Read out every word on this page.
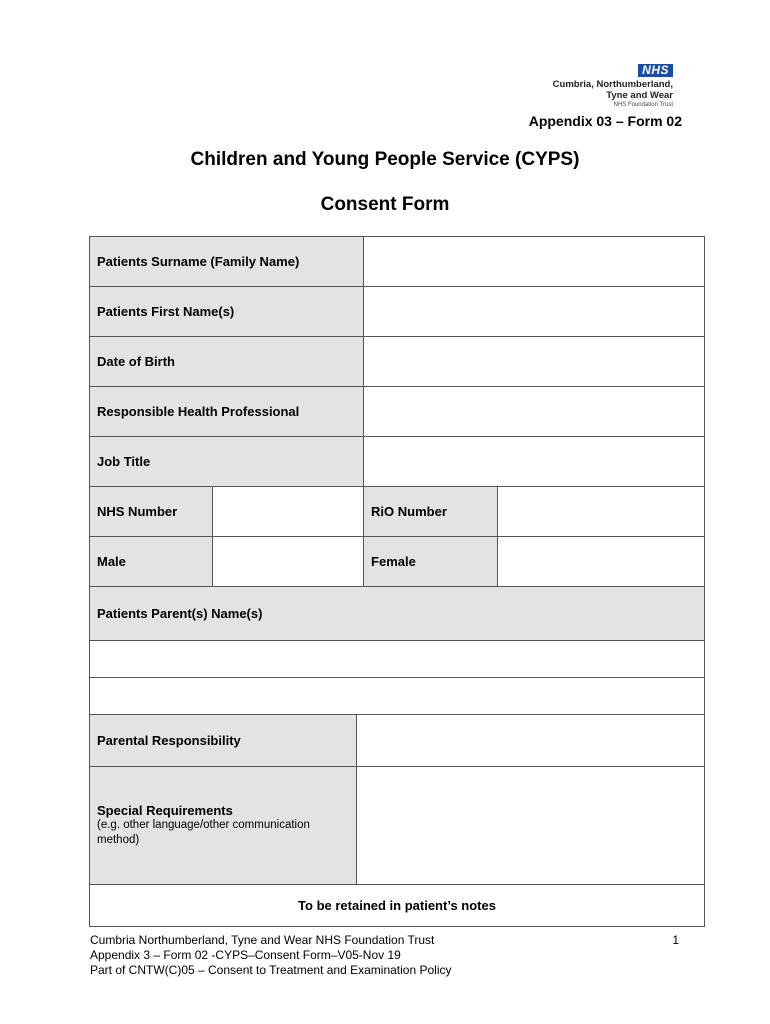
NHS
Cumbria, Northumberland,
Tyne and Wear
NHS Foundation Trust
Appendix 03 – Form 02
Children and Young People Service (CYPS)
Consent Form
Patients Surname (Family Name)				
Patients First Name(s)				
Date of Birth				
Responsible Health Professional				
Job Title				
NHS Number			RiO Number	
Male			Female	
Patients Parent(s) Name(s)				

Parental Responsibility				
Special Requirements
(e.g. other language/other communication method)				

To be retained in patient’s notes				
Cumbria Northumberland, Tyne and Wear NHS Foundation Trust
Appendix 3 – Form 02 -CYPS–Consent Form–V05-Nov 19
Part of CNTW(C)05 – Consent to Treatment and Examination Policy
1
